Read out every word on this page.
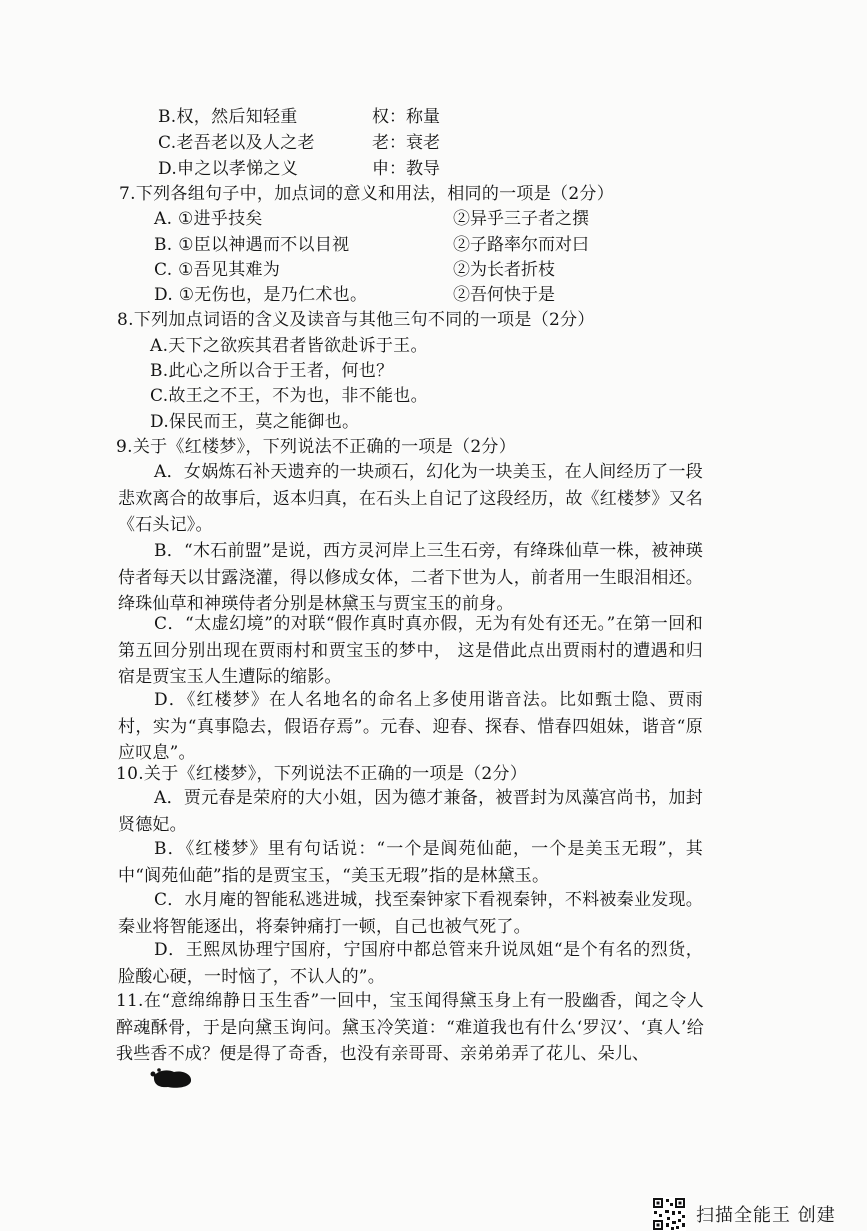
B.权，然后知轻重	权：称量
C.老吾老以及人之老	老：衰老
D.申之以孝悌之义	申：教导
7.下列各组句子中，加点词的意义和用法，相同的一项是（2分）
A. ①进乎技矣	②异乎三子者之撰
B. ①臣以神遇而不以目视	②子路率尔而对曰
C. ①吾见其难为	②为长者折枝
D. ①无伤也，是乃仁术也。	②吾何快于是
8.下列加点词语的含义及读音与其他三句不同的一项是（2分）
A.天下之欲疾其君者皆欲赴诉于王。
B.此心之所以合于王者，何也？
C.故王之不王，不为也，非不能也。
D.保民而王，莫之能御也。
9.关于《红楼梦》，下列说法不正确的一项是（2分）
A．女娲炼石补天遗弃的一块顽石，幻化为一块美玉，在人间经历了一段悲欢离合的故事后，返本归真，在石头上自记了这段经历，故《红楼梦》又名《石头记》。
B．“木石前盟”是说，西方灵河岸上三生石旁，有绛珠仙草一株，被神瑛侍者每天以甘露浇灌，得以修成女体，二者下世为人，前者用一生眼泪相还。绛珠仙草和神瑛侍者分别是林黛玉与贾宝玉的前身。
C．“太虚幻境”的对联“假作真时真亦假，无为有处有还无。”在第一回和第五回分别出现在贾雨村和贾宝玉的梦中， 这是借此点出贾雨村的遭遇和归宿是贾宝玉人生遭际的缩影。
D．《红楼梦》在人名地名的命名上多使用谐音法。比如甄士隐、贾雨村，实为“真事隐去，假语存焉”。元春、迎春、探春、惜春四姐妹，谐音“原应叹息”。
10.关于《红楼梦》，下列说法不正确的一项是（2分）
A．贾元春是荣府的大小姐，因为德才兼备，被晋封为凤藻宫尚书，加封贤德妃。
B．《红楼梦》里有句话说：“一个是阆苑仙葩，一个是美玉无瑕”，其中“阆苑仙葩”指的是贾宝玉，“美玉无瑕”指的是林黛玉。
C．水月庵的智能私逃进城，找至秦钟家下看视秦钟，不料被秦业发现。秦业将智能逐出，将秦钟痛打一顿，自己也被气死了。
D．王熙凤协理宁国府，宁国府中都总管来升说凤姐“是个有名的烈货，脸酸心硬，一时恼了，不认人的”。
11.在“意绵绵静日玉生香”一回中，宝玉闻得黛玉身上有一股幽香，闻之令人醉魂酥骨，于是向黛玉询问。黛玉冷笑道：“难道我也有什么‘罗汉’、‘真人’给我些香不成？便是得了奇香，也没有亲哥哥、亲弟弟弄了花儿、朵儿、
扫描全能王 创建
